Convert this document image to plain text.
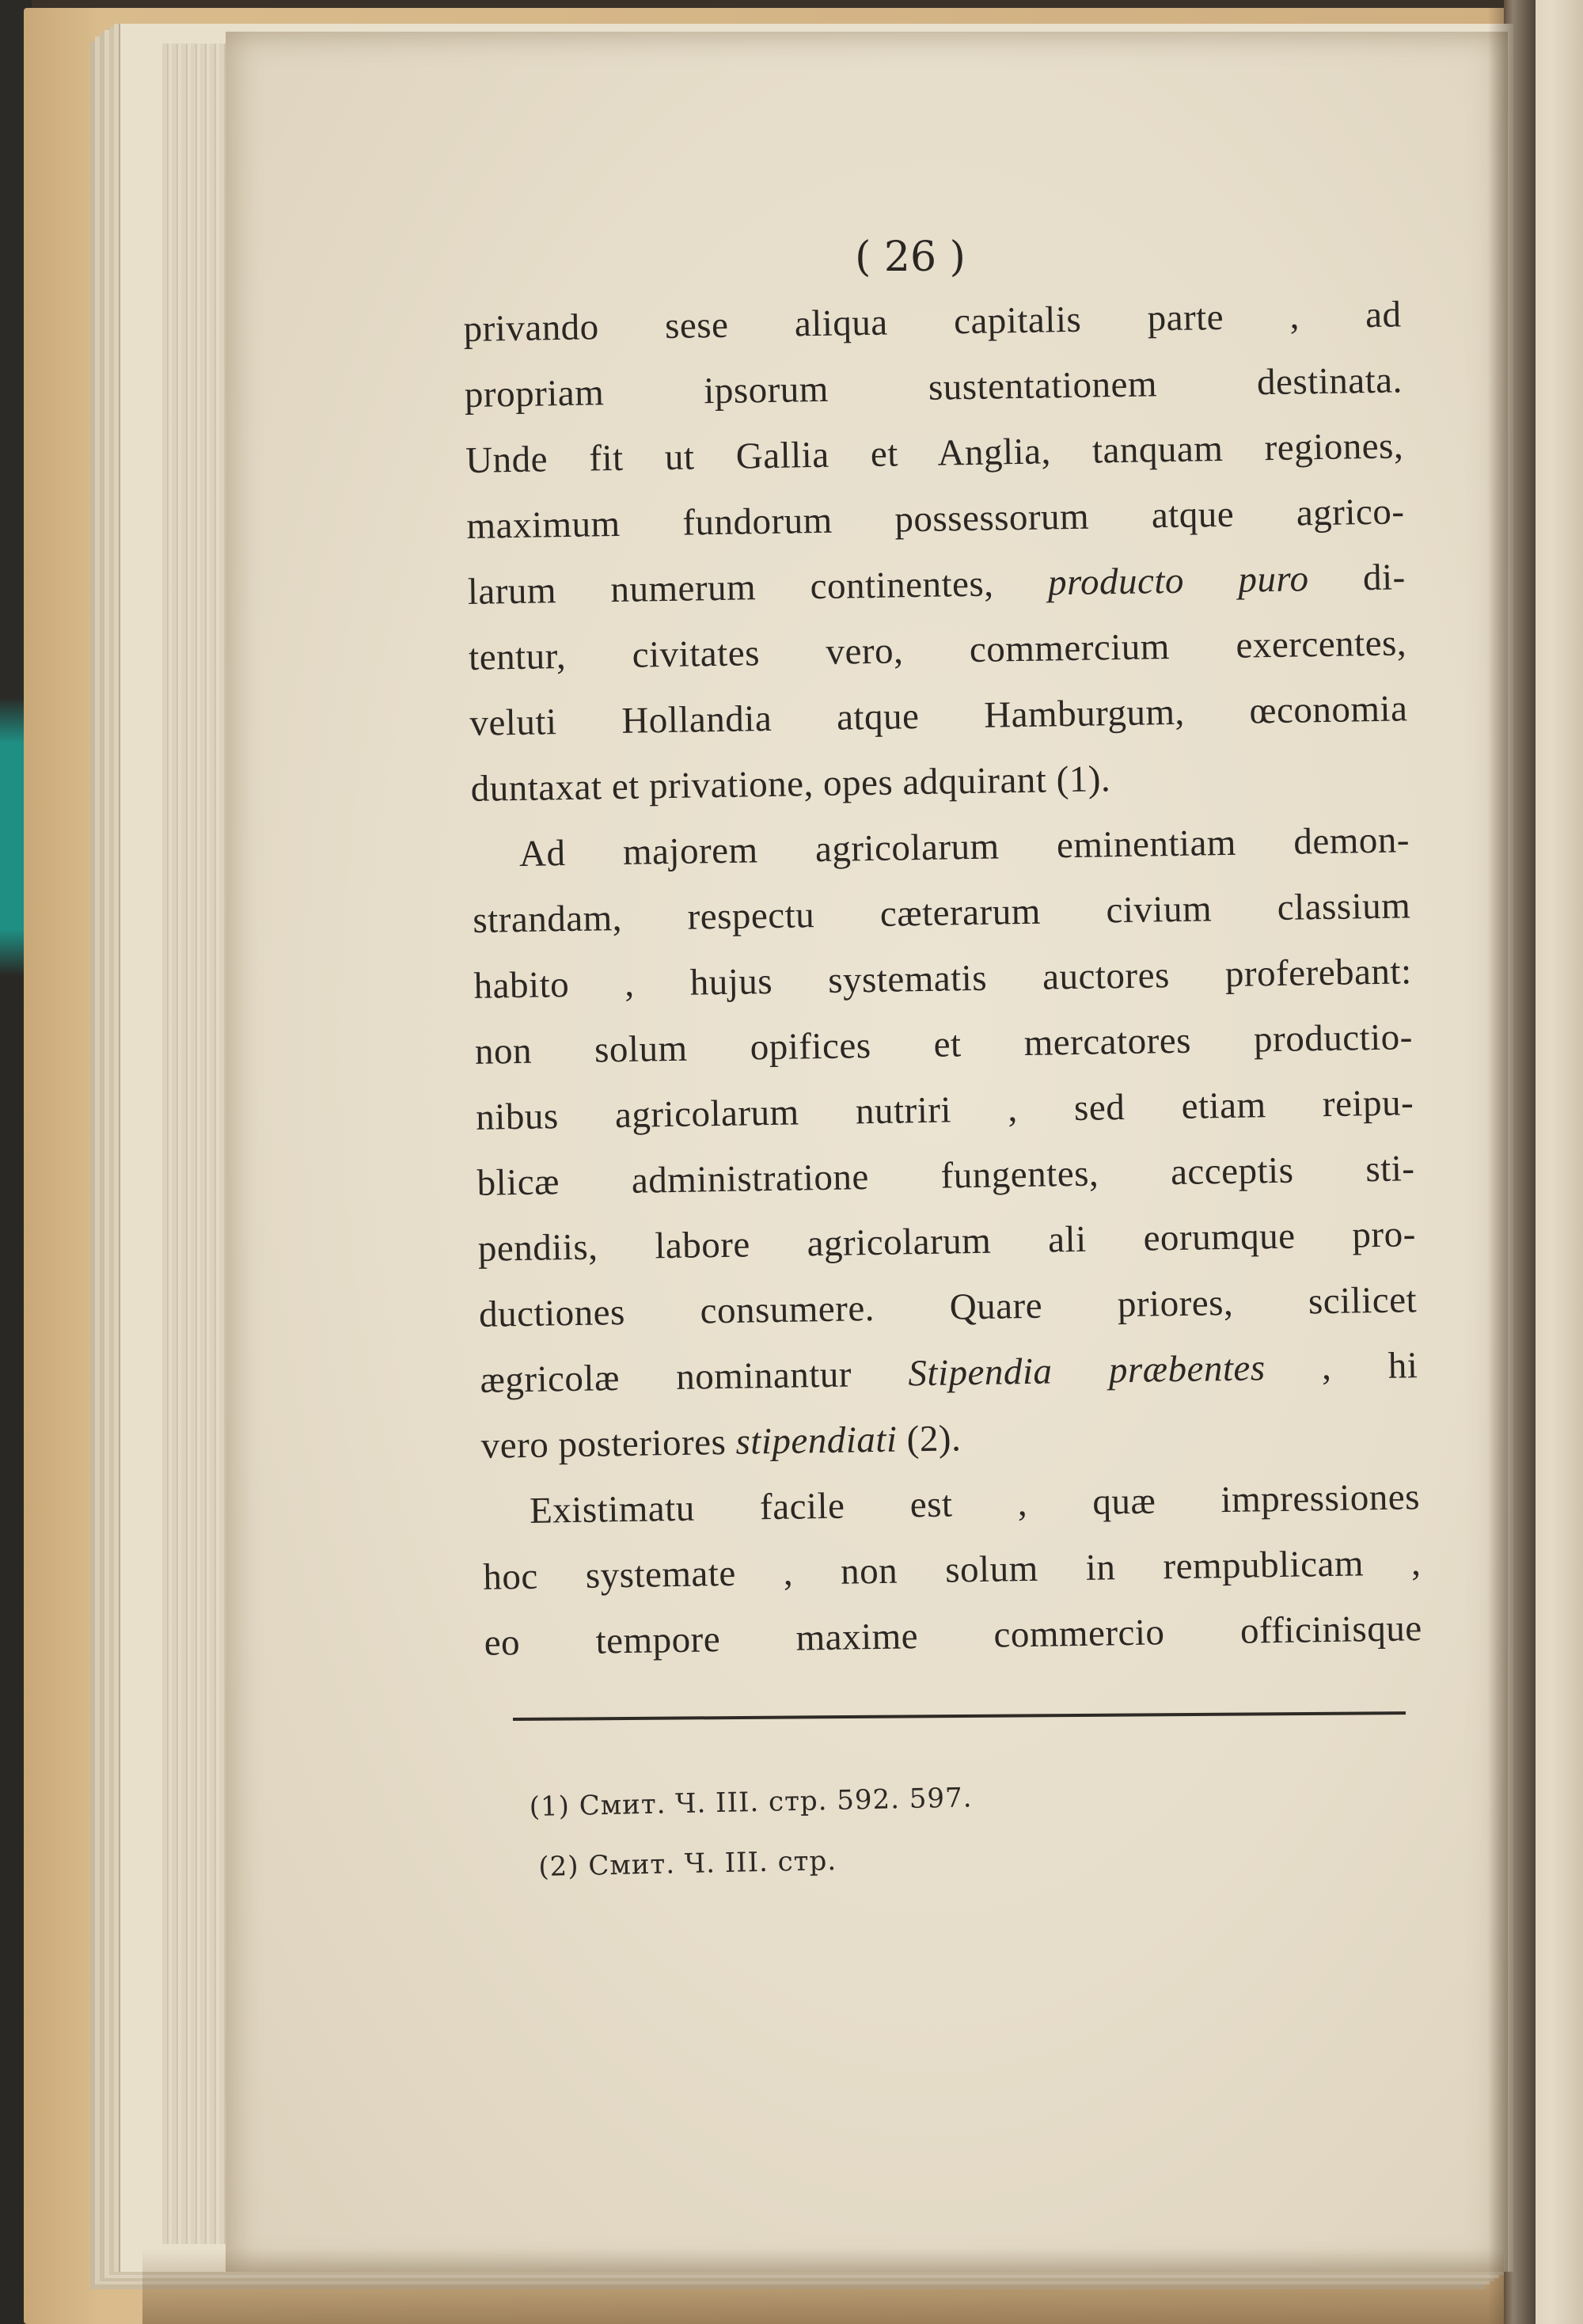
( 26 )
privando sese aliqua capitalis parte , ad
propriam ipsorum sustentationem destinata.
Unde fit ut Gallia et Anglia, tanquam regiones,
maximum fundorum possessorum atque agrico-
larum numerum continentes, producto puro di-
tentur, civitates vero, commercium exercentes,
veluti Hollandia atque Hamburgum, œconomia
duntaxat et privatione, opes adquirant (1).
Ad majorem agricolarum eminentiam demon-
strandam, respectu cæterarum civium classium
habito , hujus systematis auctores proferebant:
non solum opifices et mercatores productio-
nibus agricolarum nutriri , sed etiam reipu-
blicæ administratione fungentes, acceptis sti-
pendiis, labore agricolarum ali eorumque pro-
ductiones consumere. Quare priores, scilicet
ægricolæ nominantur Stipendia præbentes , hi
vero posteriores stipendiati (2).
Existimatu facile est , quæ impressiones
hoc systemate , non solum in rempublicam ,
eo tempore maxime commercio officinisque
(1) Смит. Ч. III. стр. 592. 597.
(2) Смит. Ч. III. стр.
